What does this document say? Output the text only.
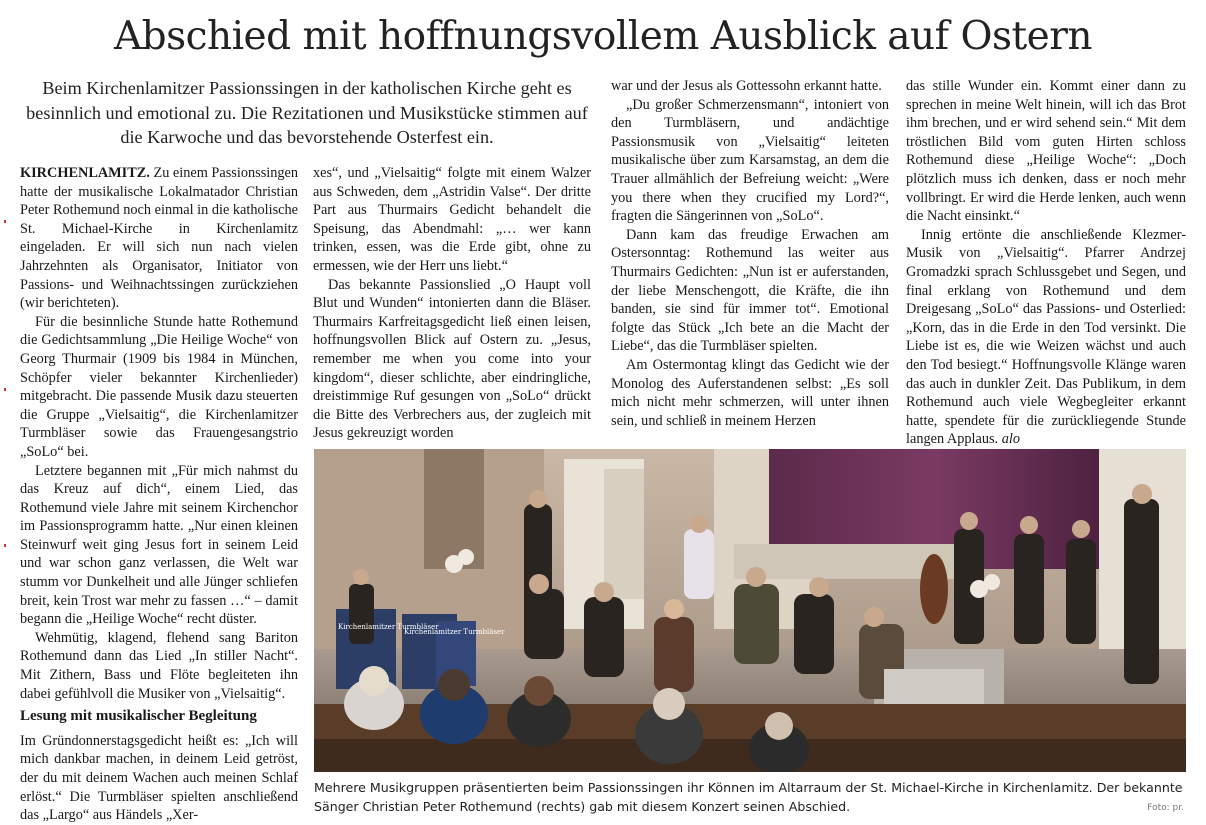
Abschied mit hoffnungsvollem Ausblick auf Ostern
Beim Kirchenlamitzer Passionssingen in der katholischen Kirche geht es besinnlich und emotional zu. Die Rezitationen und Musikstücke stimmen auf die Karwoche und das bevorstehende Osterfest ein.

KIRCHENLAMITZ. Zu einem Passionssingen hatte der musikalische Lokalmatador Christian Peter Rothemund noch einmal in die katholische St. Michael-Kirche in Kirchenlamitz eingeladen. Er will sich nun nach vielen Jahrzehnten als Organisator, Initiator von Passions- und Weihnachtssingen zurückziehen (wir berichteten).

Für die besinnliche Stunde hatte Rothemund die Gedichtsammlung „Die Heilige Woche“ von Georg Thurmair (1909 bis 1984 in München, Schöpfer vieler bekannter Kirchenlieder) mitgebracht. Die passende Musik dazu steuerten die Gruppe „Vielsaitig“, die Kirchenlamitzer Turmbläser sowie das Frauengesangstrio „SoLo“ bei.

Letztere begannen mit „Für mich nahmst du das Kreuz auf dich“, einem Lied, das Rothemund viele Jahre mit seinem Kirchenchor im Passionsprogramm hatte. „Nur einen kleinen Steinwurf weit ging Jesus fort in seinem Leid und war schon ganz verlassen, die Welt war stumm vor Dunkelheit und alle Jünger schliefen breit, kein Trost war mehr zu fassen …“ – damit begann die „Heilige Woche“ recht düster.

Wehmütig, klagend, flehend sang Bariton Rothemund dann das Lied „In stiller Nacht“. Mit Zithern, Bass und Flöte begleiteten ihn dabei gefühlvoll die Musiker von „Vielsaitig“.

Lesung mit musikalischer Begleitung

Im Gründonnerstagsgedicht heißt es: „Ich will mich dankbar machen, in deinem Leid getröst, der du mit deinem Wachen auch meinen Schlaf erlöst.“ Die Turmbläser spielten anschließend das „Largo“ aus Händels „Xer-

xes“, und „Vielsaitig“ folgte mit einem Walzer aus Schweden, dem „Astridin Valse“. Der dritte Part aus Thurmairs Gedicht behandelt die Speisung, das Abendmahl: „… wer kann trinken, essen, was die Erde gibt, ohne zu ermessen, wie der Herr uns liebt.“

Das bekannte Passionslied „O Haupt voll Blut und Wunden“ intonierten dann die Bläser. Thurmairs Karfreitagsgedicht ließ einen leisen, hoffnungsvollen Blick auf Ostern zu. „Jesus, remember me when you come into your kingdom“, dieser schlichte, aber eindringliche, dreistimmige Ruf gesungen von „SoLo“ drückt die Bitte des Verbrechers aus, der zugleich mit Jesus gekreuzigt worden

war und der Jesus als Gottessohn erkannt hatte.

„Du großer Schmerzensmann“, intoniert von den Turmbläsern, und andächtige Passionsmusik von „Vielsaitig“ leiteten musikalische über zum Karsamstag, an dem die Trauer allmählich der Befreiung weicht: „Were you there when they crucified my Lord?“, fragten die Sängerinnen von „SoLo“.

Dann kam das freudige Erwachen am Ostersonntag: Rothemund las weiter aus Thurmairs Gedichten: „Nun ist er auferstanden, der liebe Menschengott, die Kräfte, die ihn banden, sie sind für immer tot“. Emotional folgte das Stück „Ich bete an die Macht der Liebe“, das die Turmbläser spielten.

Am Ostermontag klingt das Gedicht wie der Monolog des Auferstandenen selbst: „Es soll mich nicht mehr schmerzen, will unter ihnen sein, und schließ in meinem Herzen

das stille Wunder ein. Kommt einer dann zu sprechen in meine Welt hinein, will ich das Brot ihm brechen, und er wird sehend sein.“ Mit dem tröstlichen Bild vom guten Hirten schloss Rothemund diese „Heilige Woche“: „Doch plötzlich muss ich denken, dass er noch mehr vollbringt. Er wird die Herde lenken, auch wenn die Nacht einsinkt.“

Innig ertönte die anschließende Klezmer-Musik von „Vielsaitig“. Pfarrer Andrzej Gromadzki sprach Schlussgebet und Segen, und final erklang von Rothemund und dem Dreigesang „SoLo“ das Passions- und Osterlied: „Korn, das in die Erde in den Tod versinkt. Die Liebe ist es, die wie Weizen wächst und auch den Tod besiegt.“ Hoffnungsvolle Klänge waren das auch in dunkler Zeit. Das Publikum, in dem Rothemund auch viele Wegbegleiter erkannt hatte, spendete für die zurückliegende Stunde langen Applaus. alo

Kirchenlamitzer Turmbläser
Kirchenlamitzer Turmbläser
Mehrere Musikgruppen präsentierten beim Passionssingen ihr Können im Altarraum der St. Michael-Kirche in Kirchenlamitz. Der bekannte Sänger Christian Peter Rothemund (rechts) gab mit diesem Konzert seinen Abschied.	Foto: pr.
